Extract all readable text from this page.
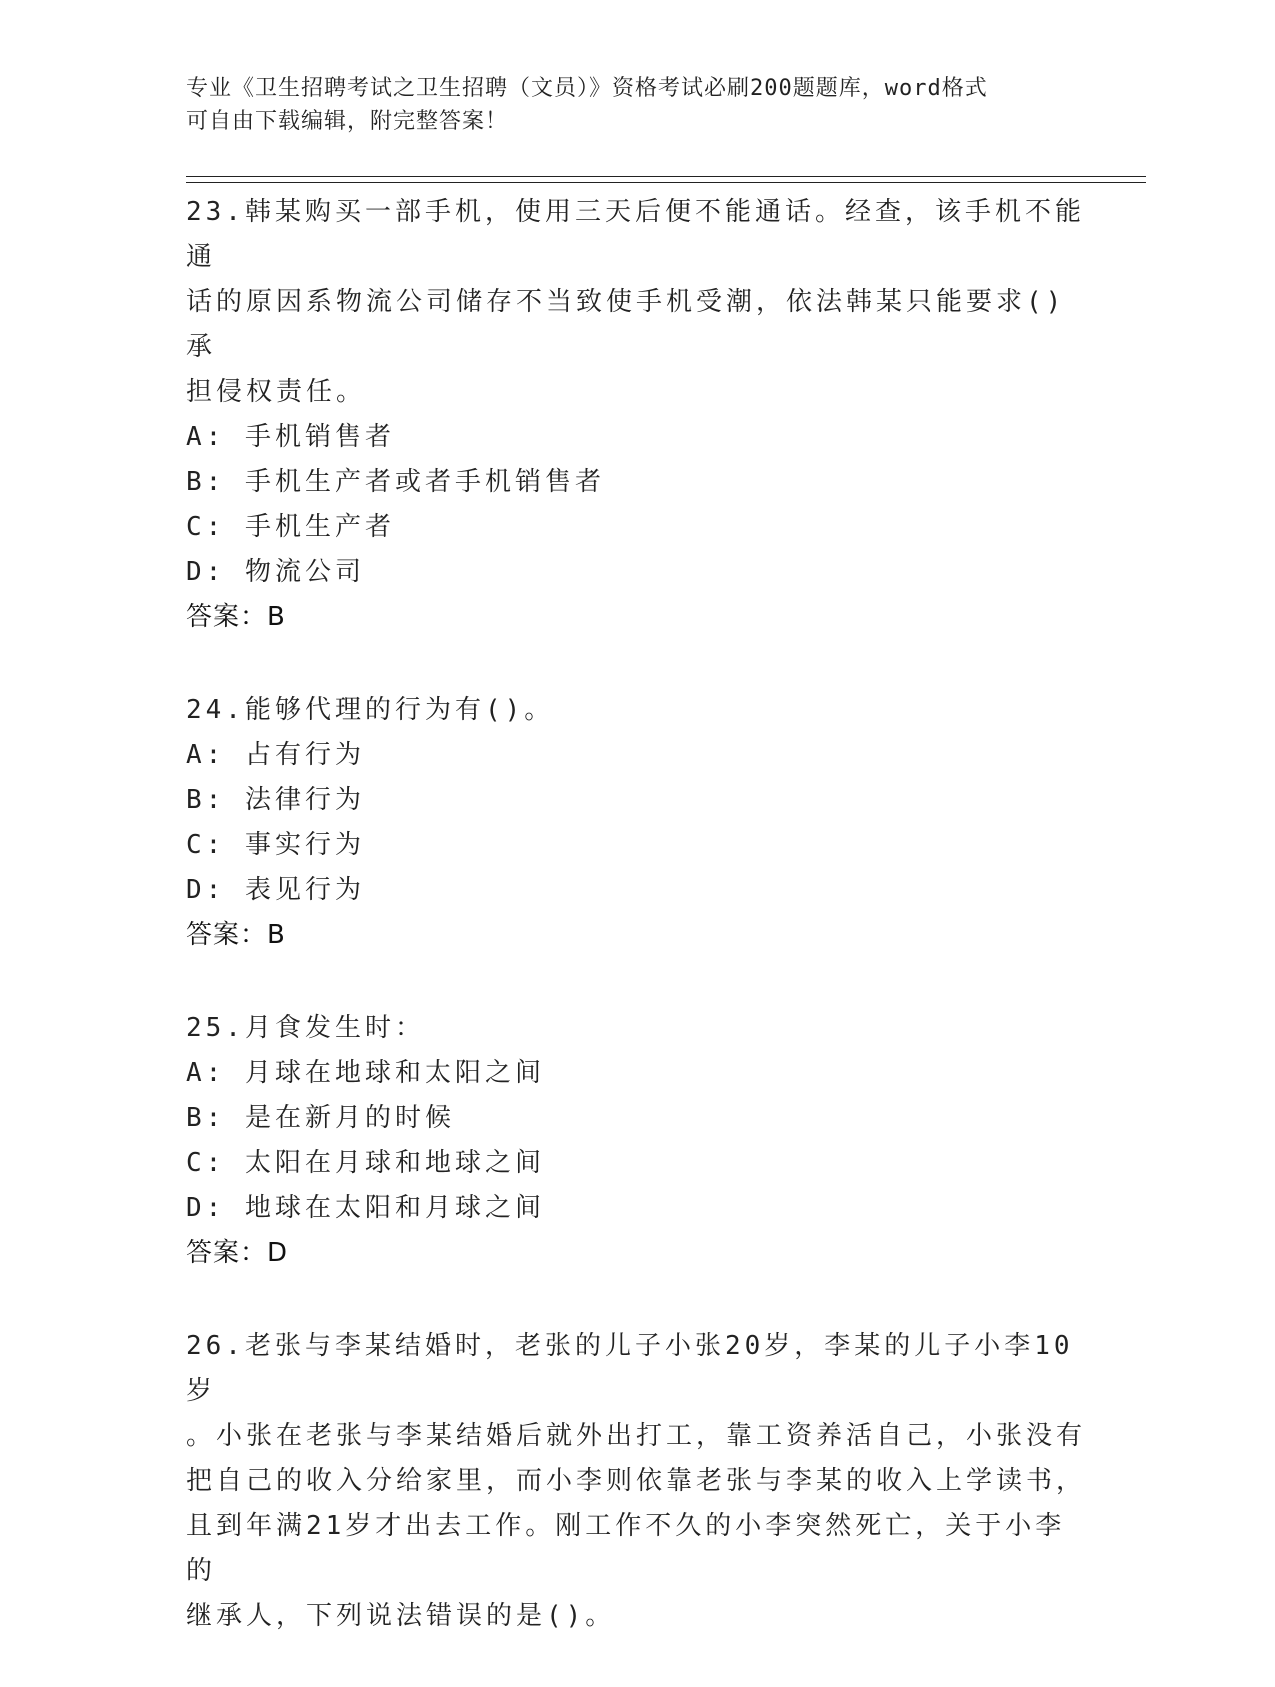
专业《卫生招聘考试之卫生招聘（文员）》资格考试必刷200题题库，word格式
可自由下载编辑，附完整答案！

23.韩某购买一部手机，使用三天后便不能通话。经查，该手机不能通

话的原因系物流公司储存不当致使手机受潮，依法韩某只能要求()承

担侵权责任。

A: 手机销售者

B: 手机生产者或者手机销售者

C: 手机生产者

D: 物流公司

答案：B

24.能够代理的行为有()。

A: 占有行为

B: 法律行为

C: 事实行为

D: 表见行为

答案：B

25.月食发生时：

A: 月球在地球和太阳之间

B: 是在新月的时候

C: 太阳在月球和地球之间

D: 地球在太阳和月球之间

答案：D

26.老张与李某结婚时，老张的儿子小张20岁，李某的儿子小李10岁

。小张在老张与李某结婚后就外出打工，靠工资养活自己，小张没有

把自己的收入分给家里，而小李则依靠老张与李某的收入上学读书，

且到年满21岁才出去工作。刚工作不久的小李突然死亡，关于小李的

继承人，下列说法错误的是()。
